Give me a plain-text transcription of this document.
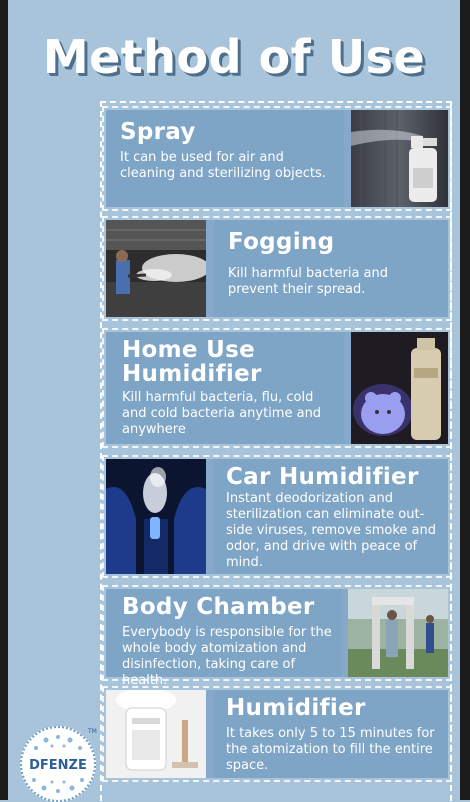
Method of Use
Spray

It can be used for air and cleaning and sterilizing objects.

Fogging

Kill harmful bacteria and prevent their spread.

Home Use Humidifier

Kill harmful bacteria, flu, cold and cold bacteria anytime and anywhere

Car Humidifier

Instant deodorization and sterilization can eliminate out-side viruses, remove smoke and odor, and drive with peace of mind.

Body Chamber

Everybody is responsible for the whole body atomization and disinfection, taking care of health.

Humidifier

It takes only 5 to 15 minutes for the atomization to fill the entire space.

DFENZE
TM
